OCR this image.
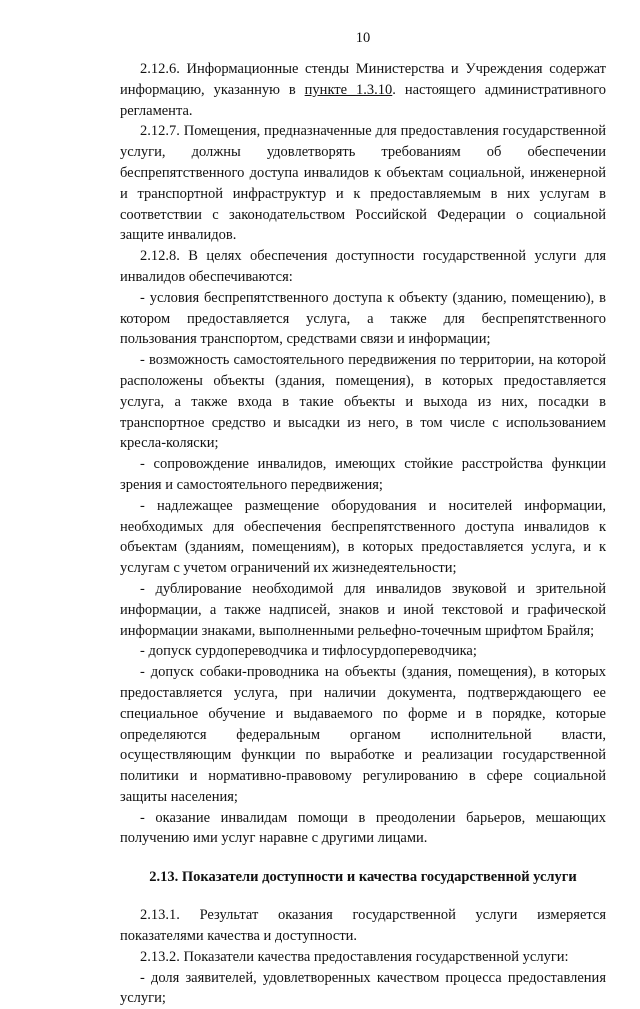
10

2.12.6. Информационные стенды Министерства и Учреждения содержат информацию, указанную в пункте 1.3.10. настоящего административного регламента.

2.12.7. Помещения, предназначенные для предоставления государственной услуги, должны удовлетворять требованиям об обеспечении беспрепятственного доступа инвалидов к объектам социальной, инженерной и транспортной инфраструктур и к предоставляемым в них услугам в соответствии с законодательством Российской Федерации о социальной защите инвалидов.

2.12.8. В целях обеспечения доступности государственной услуги для инвалидов обеспечиваются:

- условия беспрепятственного доступа к объекту (зданию, помещению), в котором предоставляется услуга, а также для беспрепятственного пользования транспортом, средствами связи и информации;

- возможность самостоятельного передвижения по территории, на которой расположены объекты (здания, помещения), в которых предоставляется услуга, а также входа в такие объекты и выхода из них, посадки в транспортное средство и высадки из него, в том числе с использованием кресла-коляски;

- сопровождение инвалидов, имеющих стойкие расстройства функции зрения и самостоятельного передвижения;

- надлежащее размещение оборудования и носителей информации, необходимых для обеспечения беспрепятственного доступа инвалидов к объектам (зданиям, помещениям), в которых предоставляется услуга, и к услугам с учетом ограничений их жизнедеятельности;

- дублирование необходимой для инвалидов звуковой и зрительной информации, а также надписей, знаков и иной текстовой и графической информации знаками, выполненными рельефно-точечным шрифтом Брайля;

- допуск сурдопереводчика и тифлосурдопереводчика;

- допуск собаки-проводника на объекты (здания, помещения), в которых предоставляется услуга, при наличии документа, подтверждающего ее специальное обучение и выдаваемого по форме и в порядке, которые определяются федеральным органом исполнительной власти, осуществляющим функции по выработке и реализации государственной политики и нормативно-правовому регулированию в сфере социальной защиты населения;

- оказание инвалидам помощи в преодолении барьеров, мешающих получению ими услуг наравне с другими лицами.

2.13. Показатели доступности и качества государственной услуги

2.13.1. Результат оказания государственной услуги измеряется показателями качества и доступности.

2.13.2. Показатели качества предоставления государственной услуги:

- доля заявителей, удовлетворенных качеством процесса предоставления услуги;
